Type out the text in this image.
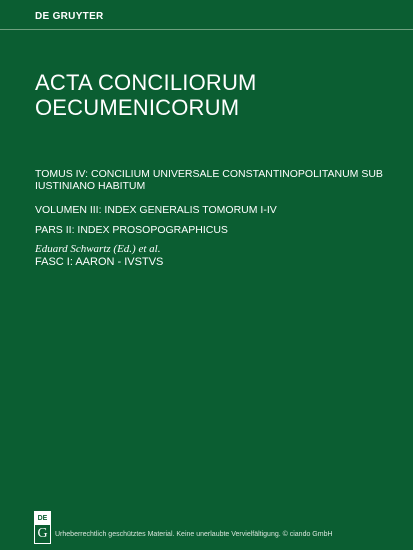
DE GRUYTER
ACTA CONCILIORUM
OECUMENICORUM
TOMUS IV: CONCILIUM UNIVERSALE CONSTANTINOPOLITANUM SUB IUSTINIANO HABITUM
VOLUMEN III: INDEX GENERALIS TOMORUM I-IV
PARS II: INDEX PROSOPOGRAPHICUS
Eduard Schwartz (Ed.) et al.
FASC I: AARON - IVSTVS
DE
G	Urheberrechtlich geschütztes Material. Keine unerlaubte Vervielfältigung. © ciando GmbH
